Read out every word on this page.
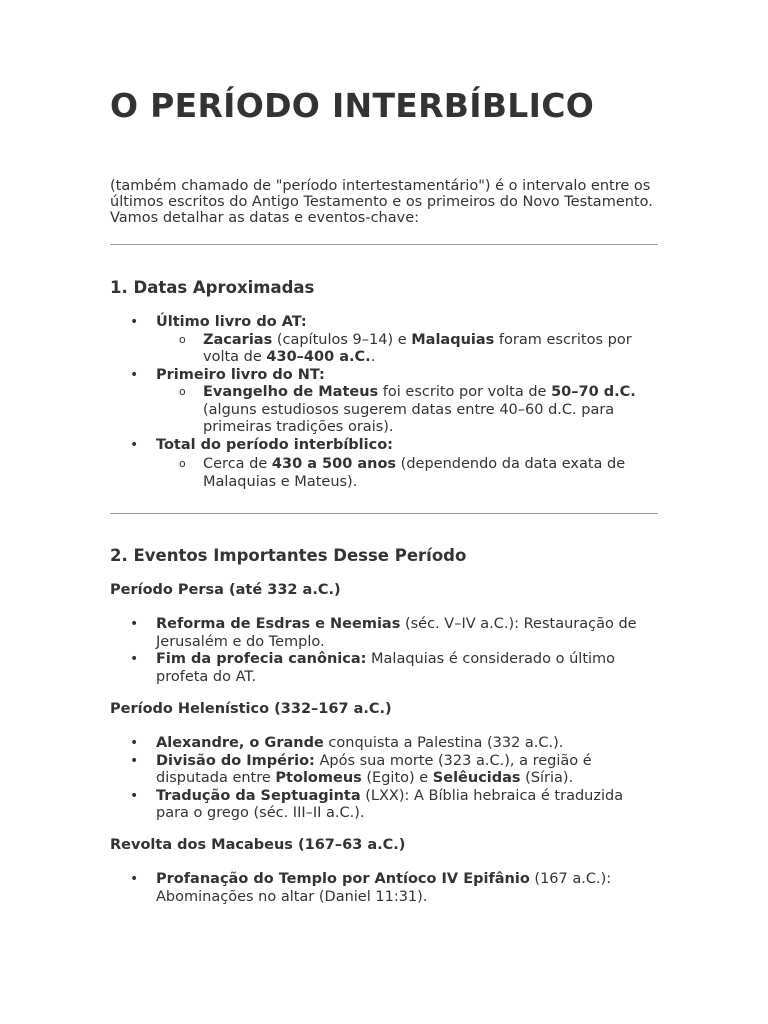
O PERÍODO INTERBÍBLICO

(também chamado de "período intertestamentário") é o intervalo entre os últimos escritos do Antigo Testamento e os primeiros do Novo Testamento. Vamos detalhar as datas e eventos-chave:

1. Datas Aproximadas
• Último livro do AT:
o Zacarias (capítulos 9–14) e Malaquias foram escritos por volta de 430–400 a.C..
• Primeiro livro do NT:
o Evangelho de Mateus foi escrito por volta de 50–70 d.C. (alguns estudiosos sugerem datas entre 40–60 d.C. para primeiras tradições orais).
• Total do período interbíblico:
o Cerca de 430 a 500 anos (dependendo da data exata de Malaquias e Mateus).
2. Eventos Importantes Desse Período
Período Persa (até 332 a.C.)
• Reforma de Esdras e Neemias (séc. V–IV a.C.): Restauração de Jerusalém e do Templo.
• Fim da profecia canônica: Malaquias é considerado o último profeta do AT.
Período Helenístico (332–167 a.C.)
• Alexandre, o Grande conquista a Palestina (332 a.C.).
• Divisão do Império: Após sua morte (323 a.C.), a região é disputada entre Ptolomeus (Egito) e Selêucidas (Síria).
• Tradução da Septuaginta (LXX): A Bíblia hebraica é traduzida para o grego (séc. III–II a.C.).
Revolta dos Macabeus (167–63 a.C.)
• Profanação do Templo por Antíoco IV Epifânio (167 a.C.): Abominações no altar (Daniel 11:31).
